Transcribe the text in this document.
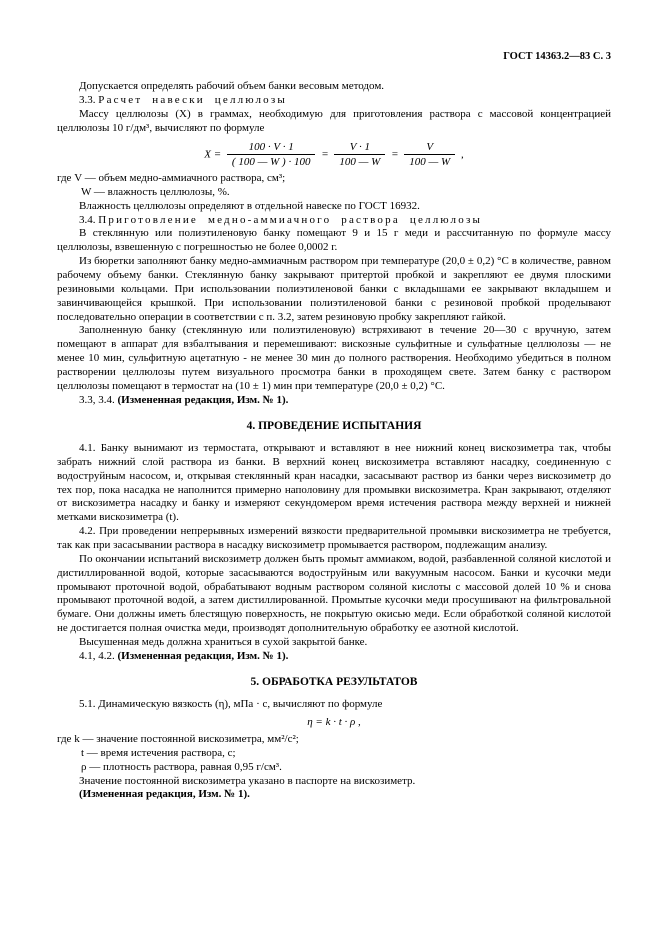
ГОСТ 14363.2—83 С. 3

Допускается определять рабочий объем банки весовым методом.

3.3. Расчет навески целлюлозы

Массу целлюлозы (X) в граммах, необходимую для приготовления раствора с массовой концентрацией целлюлозы 10 г/дм³, вычисляют по формуле

$X = \frac{100 \cdot V \cdot 1}{( 100 — W ) \cdot 100} = \frac{V \cdot 1}{100 — W} = \frac{V}{100 — W}$ ,

где V — объем медно-аммиачного раствора, см³;

W — влажность целлюлозы, %.

Влажность целлюлозы определяют в отдельной навеске по ГОСТ 16932.

3.4. Приготовление медно-аммиачного раствора целлюлозы

В стеклянную или полиэтиленовую банку помещают 9 и 15 г меди и рассчитанную по формуле массу целлюлозы, взвешенную с погрешностью не более 0,0002 г.

Из бюретки заполняют банку медно-аммиачным раствором при температуре (20,0 ± 0,2) °С в количестве, равном рабочему объему банки. Стеклянную банку закрывают притертой пробкой и закрепляют ее двумя плоскими резиновыми кольцами. При использовании полиэтиленовой банки с вкладышами ее закрывают вкладышем и завинчивающейся крышкой. При использовании полиэтиленовой банки с резиновой пробкой проделывают последовательно операции в соответствии с п. 3.2, затем резиновую пробку закрепляют гайкой.

Заполненную банку (стеклянную или полиэтиленовую) встряхивают в течение 20—30 с вручную, затем помещают в аппарат для взбалтывания и перемешивают: вискозные сульфитные и сульфатные целлюлозы — не менее 10 мин, сульфитную ацетатную - не менее 30 мин до полного растворения. Необходимо убедиться в полном растворении целлюлозы путем визуального просмотра банки в проходящем свете. Затем банку с раствором целлюлозы помещают в термостат на (10 ± 1) мин при температуре (20,0 ± 0,2) °С.

3.3, 3.4. (Измененная редакция, Изм. № 1).

4. ПРОВЕДЕНИЕ ИСПЫТАНИЯ

4.1. Банку вынимают из термостата, открывают и вставляют в нее нижний конец вискозиметра так, чтобы забрать нижний слой раствора из банки. В верхний конец вискозиметра вставляют насадку, соединенную с водоструйным насосом, и, открывая стеклянный кран насадки, засасывают раствор из банки через вискозиметр до тех пор, пока насадка не наполнится примерно наполовину для промывки вискозиметра. Кран закрывают, отделяют от вискозиметра насадку и банку и измеряют секундомером время истечения раствора между верхней и нижней метками вискозиметра (t).

4.2. При проведении непрерывных измерений вязкости предварительной промывки вискозиметра не требуется, так как при засасывании раствора в насадку вискозиметр промывается раствором, подлежащим анализу.

По окончании испытаний вискозиметр должен быть промыт аммиаком, водой, разбавленной соляной кислотой и дистиллированной водой, которые засасываются водоструйным или вакуумным насосом. Банки и кусочки меди промывают проточной водой, обрабатывают водным раствором соляной кислоты с массовой долей 10 % и снова промывают проточной водой, а затем дистиллированной. Промытые кусочки меди просушивают на фильтровальной бумаге. Они должны иметь блестящую поверхность, не покрытую окисью меди. Если обработкой соляной кислотой не достигается полная очистка меди, производят дополнительную обработку ее азотной кислотой.

Высушенная медь должна храниться в сухой закрытой банке.

4.1, 4.2. (Измененная редакция, Изм. № 1).

5. ОБРАБОТКА РЕЗУЛЬТАТОВ

5.1. Динамическую вязкость (η), мПа · с, вычисляют по формуле

η = k · t · ρ ,

где k — значение постоянной вискозиметра, мм²/с²;

t — время истечения раствора, с;

ρ — плотность раствора, равная 0,95 г/см³.

Значение постоянной вискозиметра указано в паспорте на вискозиметр.

(Измененная редакция, Изм. № 1).
